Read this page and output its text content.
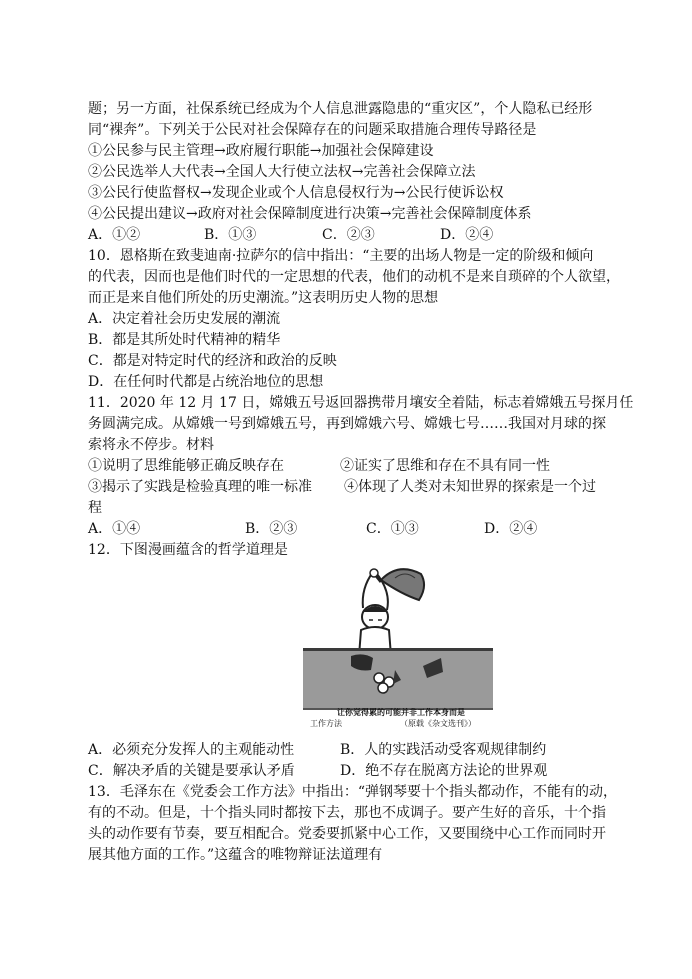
题；另一方面，社保系统已经成为个人信息泄露隐患的“重灾区”，个人隐私已经形
同“裸奔”。下列关于公民对社会保障存在的问题采取措施合理传导路径是
①公民参与民主管理→政府履行职能→加强社会保障建设
②公民选举人大代表→全国人大行使立法权→完善社会保障立法
③公民行使监督权→发现企业或个人信息侵权行为→公民行使诉讼权
④公民提出建议→政府对社会保障制度进行决策→完善社会保障制度体系
A．①②	B．①③	C．②③	D．②④
10．恩格斯在致斐迪南·拉萨尔的信中指出：“主要的出场人物是一定的阶级和倾向
的代表，因而也是他们时代的一定思想的代表，他们的动机不是来自琐碎的个人欲望，
而正是来自他们所处的历史潮流。”这表明历史人物的思想
A．决定着社会历史发展的潮流
B．都是其所处时代精神的精华
C．都是对特定时代的经济和政治的反映
D．在任何时代都是占统治地位的思想
11．2020 年 12 月 17 日，嫦娥五号返回器携带月壤安全着陆，标志着嫦娥五号探月任
务圆满完成。从嫦娥一号到嫦娥五号，再到嫦娥六号、嫦娥七号……我国对月球的探
索将永不停步。材料
①说明了思维能够正确反映存在	②证实了思维和存在不具有同一性
③揭示了实践是检验真理的唯一标准 ④体现了人类对未知世界的探索是一个过
程
A．①④	B．②③	C．①③	D．②④
12．下图漫画蕴含的哲学道理是
让你觉得累的可能并非工作本身而是
工作方法	（原载《杂文选刊》）
A．必须充分发挥人的主观能动性	B．人的实践活动受客观规律制约
C．解决矛盾的关键是要承认矛盾	D．绝不存在脱离方法论的世界观
13．毛泽东在《党委会工作方法》中指出：“弹钢琴要十个指头都动作，不能有的动，
有的不动。但是，十个指头同时都按下去，那也不成调子。要产生好的音乐，十个指
头的动作要有节奏，要互相配合。党委要抓紧中心工作，又要围绕中心工作而同时开
展其他方面的工作。”这蕴含的唯物辩证法道理有
